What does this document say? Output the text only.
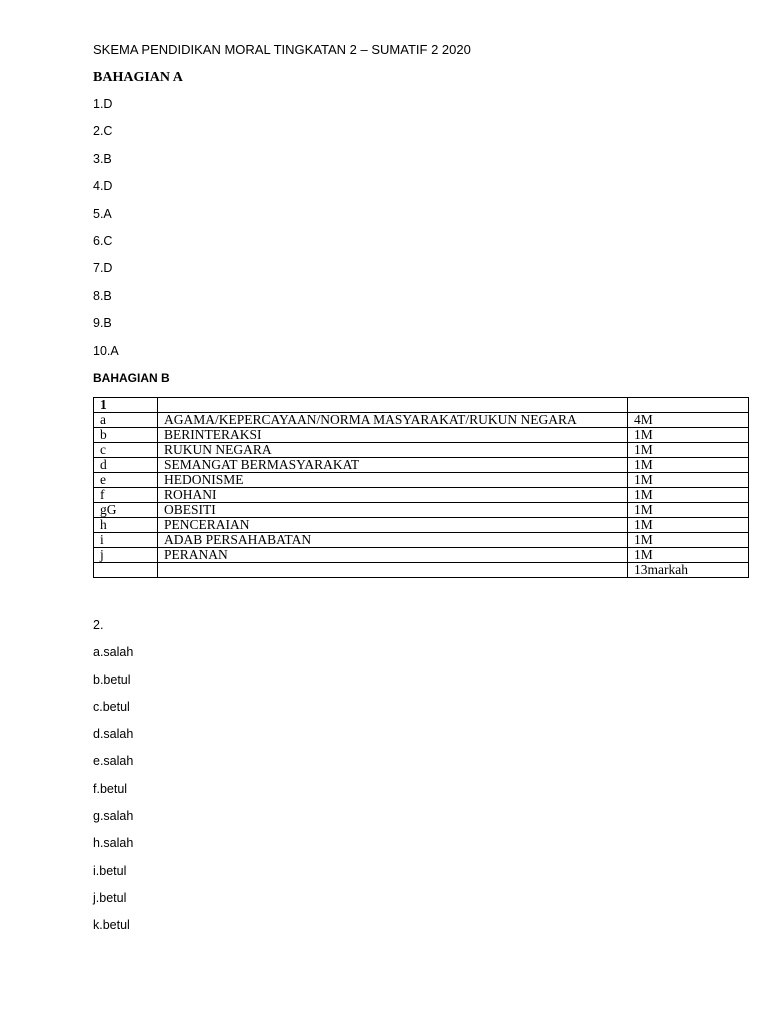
SKEMA PENDIDIKAN MORAL TINGKATAN 2 – SUMATIF 2 2020
BAHAGIAN A
1.D
2.C
3.B
4.D
5.A
6.C
7.D
8.B
9.B
10.A
BAHAGIAN B
1		
a	AGAMA/KEPERCAYAAN/NORMA MASYARAKAT/RUKUN NEGARA	4M
b	BERINTERAKSI	1M
c	RUKUN NEGARA	1M
d	SEMANGAT BERMASYARAKAT	1M
e	HEDONISME	1M
f	ROHANI	1M
gG	OBESITI	1M
h	PENCERAIAN	1M
i	ADAB PERSAHABATAN	1M
j	PERANAN	1M
		13markah
2.
a.salah
b.betul
c.betul
d.salah
e.salah
f.betul
g.salah
h.salah
i.betul
j.betul
k.betul
